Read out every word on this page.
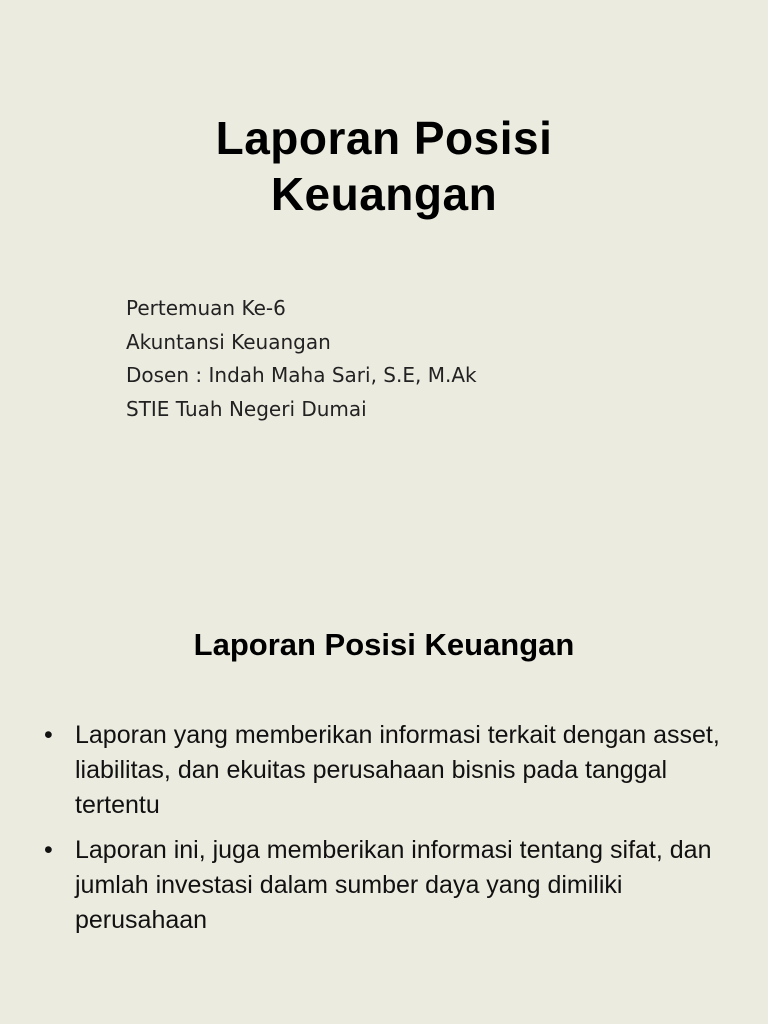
Laporan Posisi
Keuangan
Pertemuan Ke-6
Akuntansi Keuangan
Dosen : Indah Maha Sari, S.E, M.Ak
STIE Tuah Negeri Dumai
Laporan Posisi Keuangan
• Laporan yang memberikan informasi terkait dengan asset, liabilitas, dan ekuitas perusahaan bisnis pada tanggal tertentu
• Laporan ini, juga memberikan informasi tentang sifat, dan jumlah investasi dalam sumber daya yang dimiliki perusahaan
